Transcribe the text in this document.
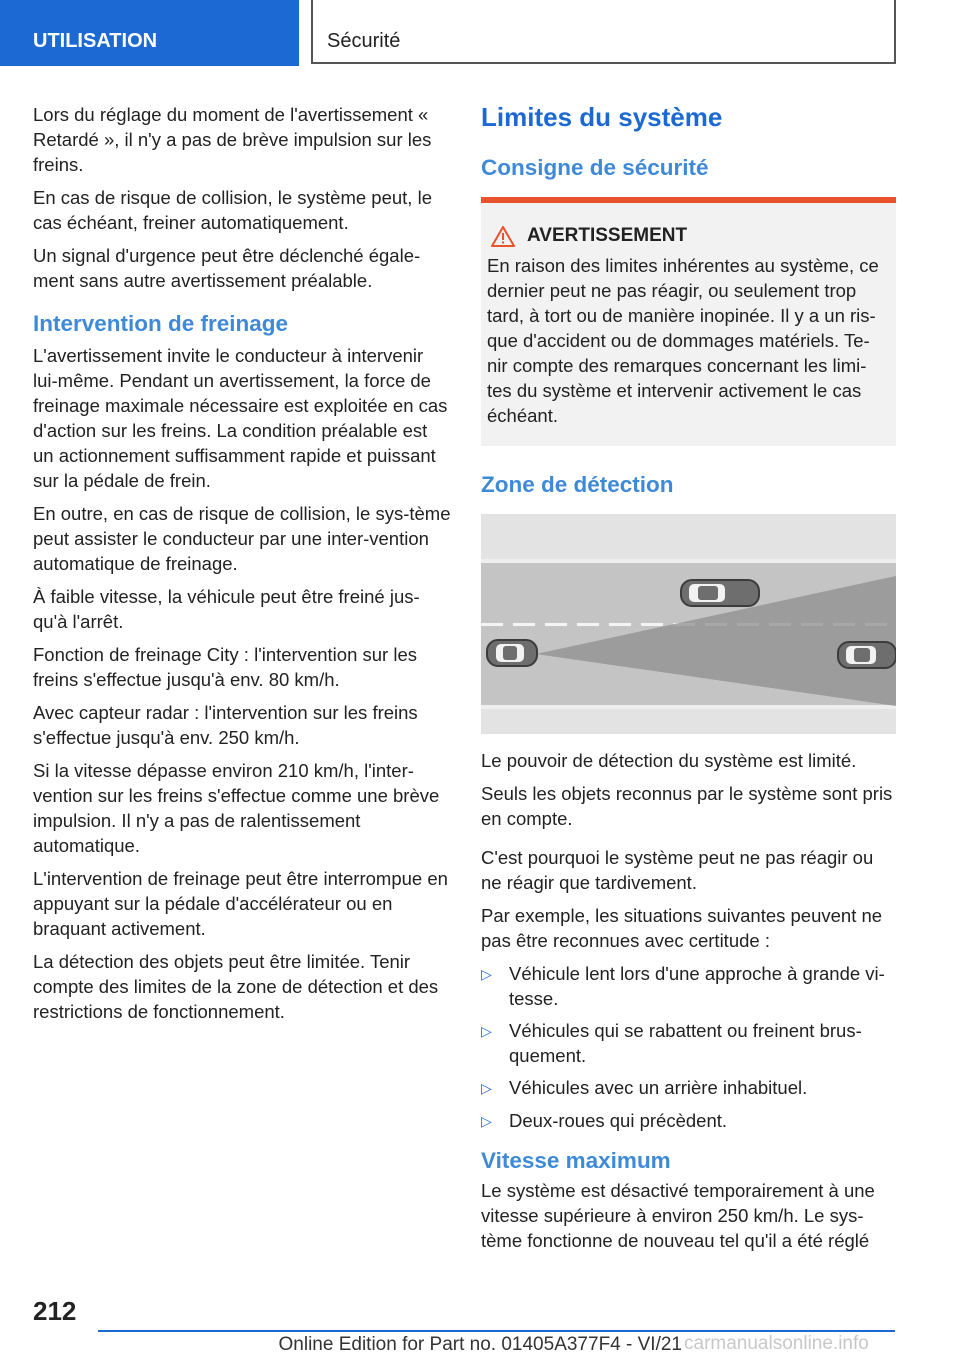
UTILISATION	Sécurité

Lors du réglage du moment de l'avertissement « Retardé », il n'y a pas de brève impulsion sur les freins.

En cas de risque de collision, le système peut, le cas échéant, freiner automatiquement.

Un signal d'urgence peut être déclenché égale‐ment sans autre avertissement préalable.

Intervention de freinage

L'avertissement invite le conducteur à intervenir lui-même. Pendant un avertissement, la force de freinage maximale nécessaire est exploitée en cas d'action sur les freins. La condition préalable est un actionnement suffisamment rapide et puissant sur la pédale de frein.

En outre, en cas de risque de collision, le sys‐tème peut assister le conducteur par une inter‐vention automatique de freinage.

À faible vitesse, la véhicule peut être freiné jus‐qu'à l'arrêt.

Fonction de freinage City : l'intervention sur les freins s'effectue jusqu'à env. 80 km/h.

Avec capteur radar : l'intervention sur les freins s'effectue jusqu'à env. 250 km/h.

Si la vitesse dépasse environ 210 km/h, l'inter‐vention sur les freins s'effectue comme une brève impulsion. Il n'y a pas de ralentissement automatique.

L'intervention de freinage peut être interrompue en appuyant sur la pédale d'accélérateur ou en braquant activement.

La détection des objets peut être limitée. Tenir compte des limites de la zone de détection et des restrictions de fonctionnement.

Limites du système
Consigne de sécurité
AVERTISSEMENT

En raison des limites inhérentes au système, ce dernier peut ne pas réagir, ou seulement trop tard, à tort ou de manière inopinée. Il y a un ris‐que d'accident ou de dommages matériels. Te‐nir compte des remarques concernant les limi‐tes du système et intervenir activement le cas échéant.

Zone de détection

Le pouvoir de détection du système est limité.

Seuls les objets reconnus par le système sont pris en compte.

C'est pourquoi le système peut ne pas réagir ou ne réagir que tardivement.

Par exemple, les situations suivantes peuvent ne pas être reconnues avec certitude :

▷ Véhicule lent lors d'une approche à grande vi‐tesse.
▷ Véhicules qui se rabattent ou freinent brus‐quement.
▷ Véhicules avec un arrière inhabituel.
▷ Deux-roues qui précèdent.
Vitesse maximum

Le système est désactivé temporairement à une vitesse supérieure à environ 250 km/h. Le sys‐tème fonctionne de nouveau tel qu'il a été réglé

212
Online Edition for Part no. 01405A377F4 - VI/21 carmanualsonline.info
